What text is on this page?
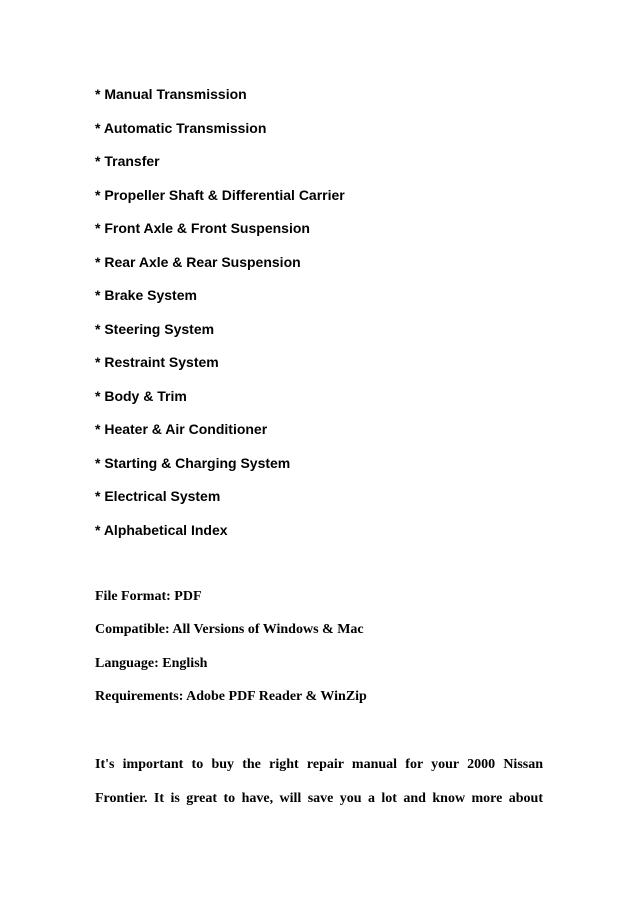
* Manual Transmission

* Automatic Transmission

* Transfer

* Propeller Shaft & Differential Carrier

* Front Axle & Front Suspension

* Rear Axle & Rear Suspension

* Brake System

* Steering System

* Restraint System

* Body & Trim

* Heater & Air Conditioner

* Starting & Charging System

* Electrical System

* Alphabetical Index

File Format: PDF

Compatible: All Versions of Windows & Mac

Language: English

Requirements: Adobe PDF Reader & WinZip

It's important to buy the right repair manual for your 2000 Nissan

Frontier. It is great to have, will save you a lot and know more about
